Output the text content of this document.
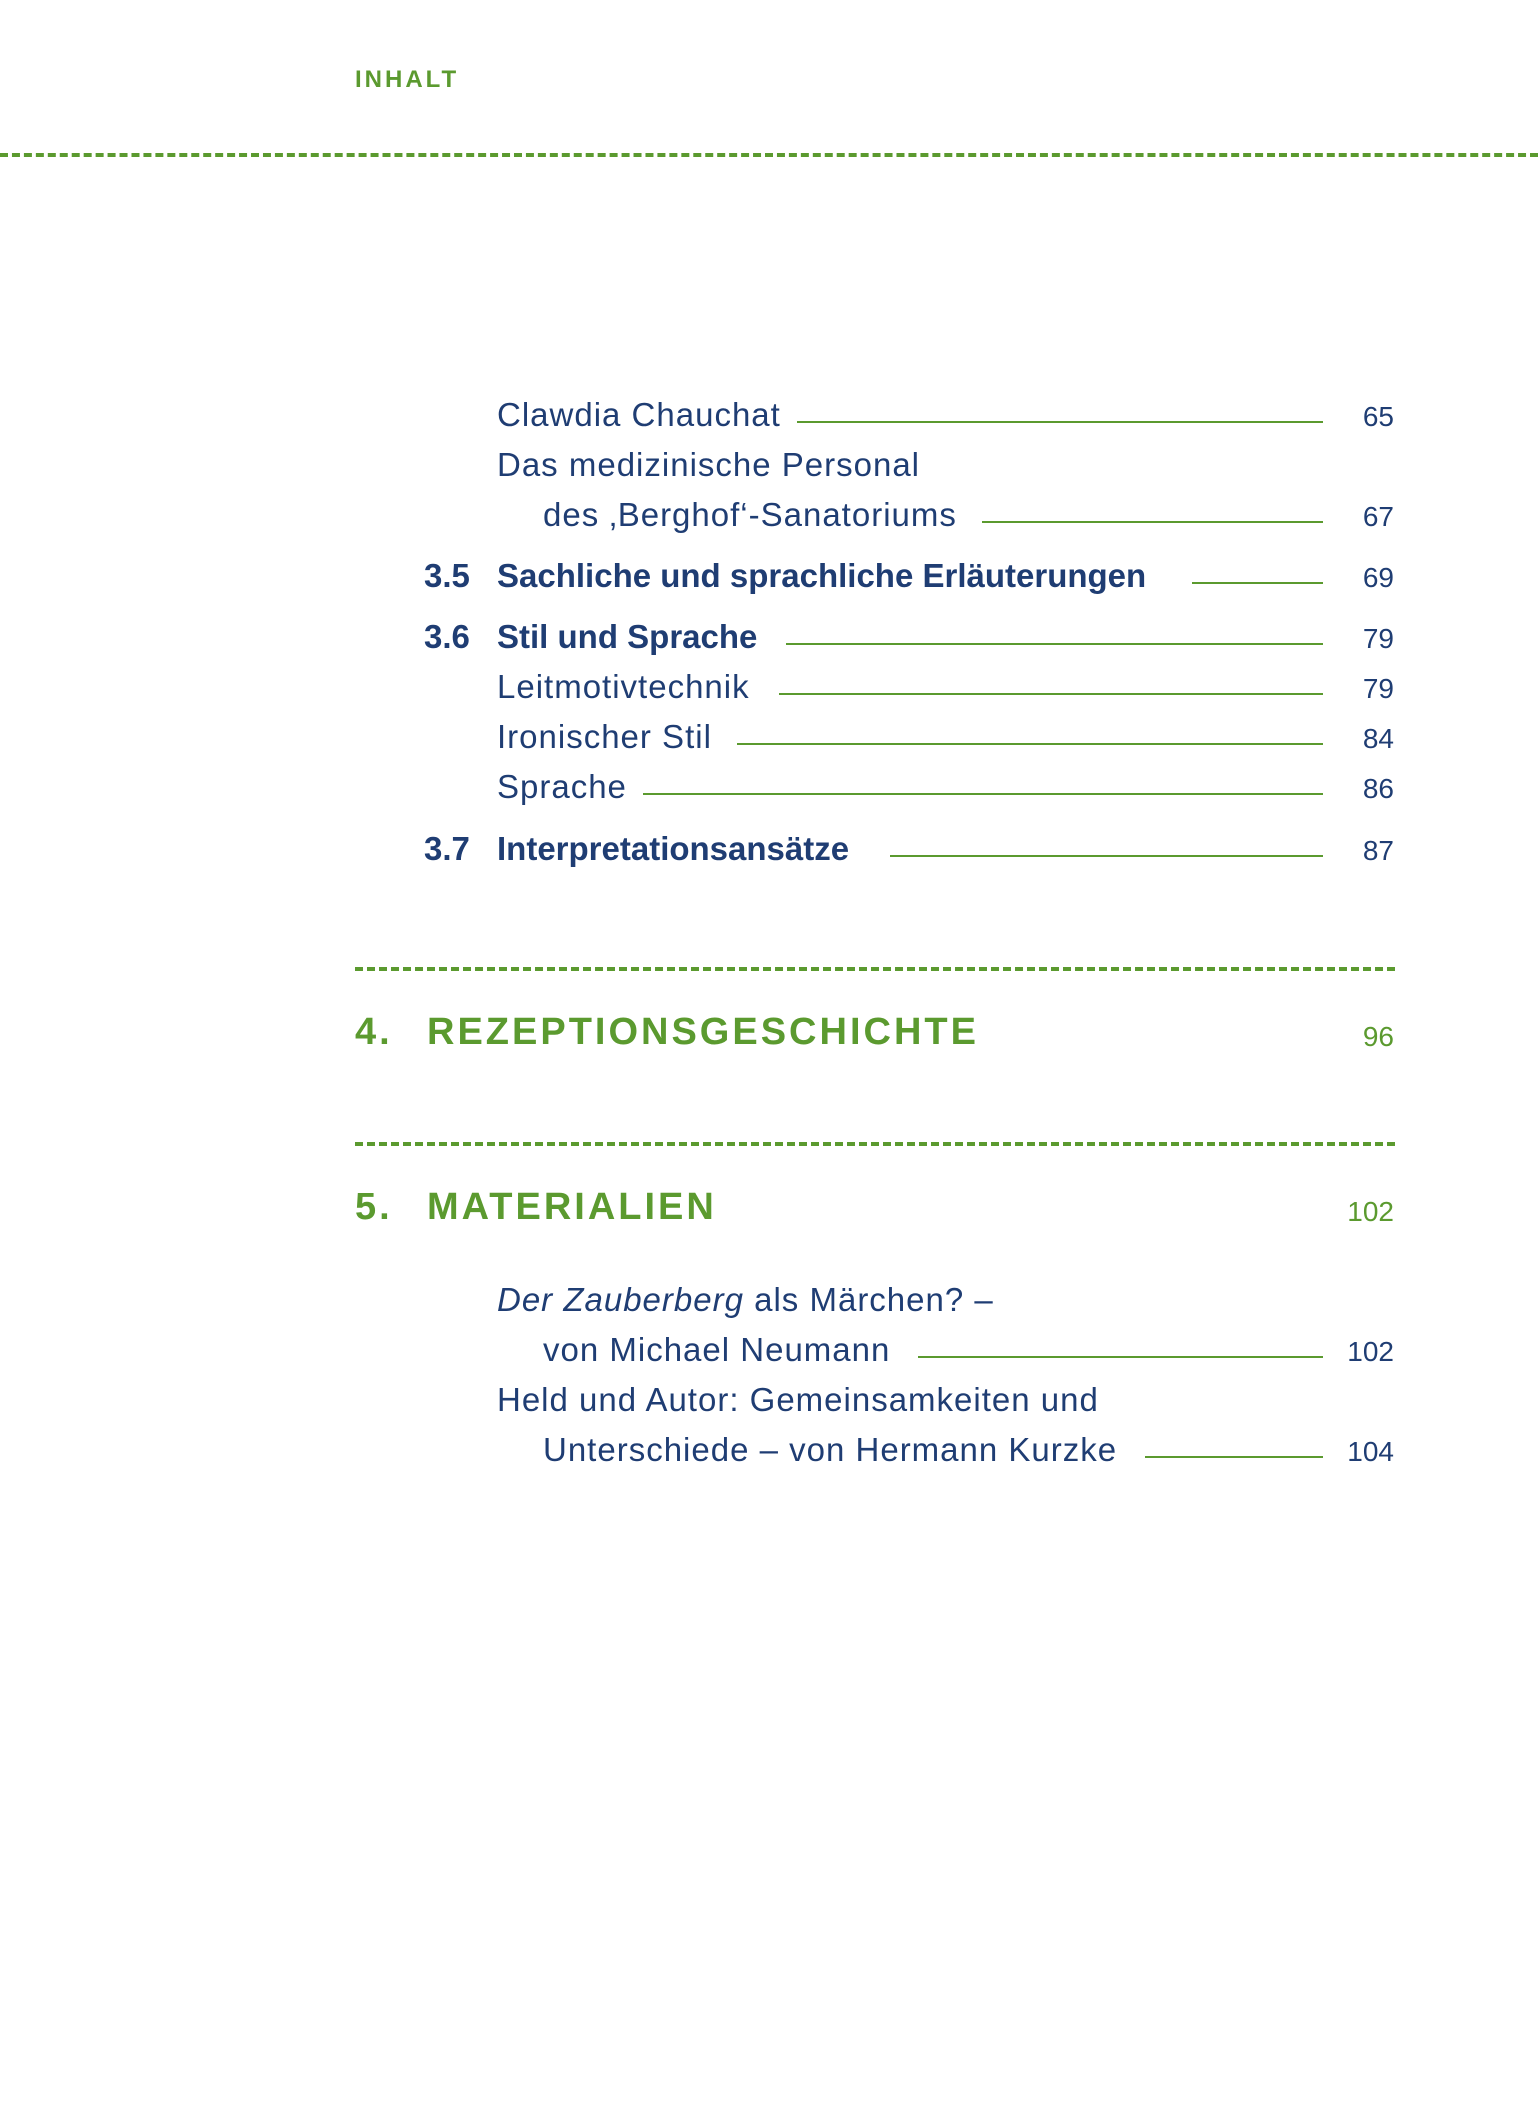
INHALT
Clawdia Chauchat	65
Das medizinische Personal
des ‚Berghof‘-Sanatoriums	67
3.5 Sachliche und sprachliche Erläuterungen	69
3.6 Stil und Sprache	79
Leitmotivtechnik	79
Ironischer Stil	84
Sprache	86
3.7 Interpretationsansätze	87
4. REZEPTIONSGESCHICHTE	96
5. MATERIALIEN	102
Der Zauberberg als Märchen? –
von Michael Neumann	102
Held und Autor: Gemeinsamkeiten und
Unterschiede – von Hermann Kurzke	104
